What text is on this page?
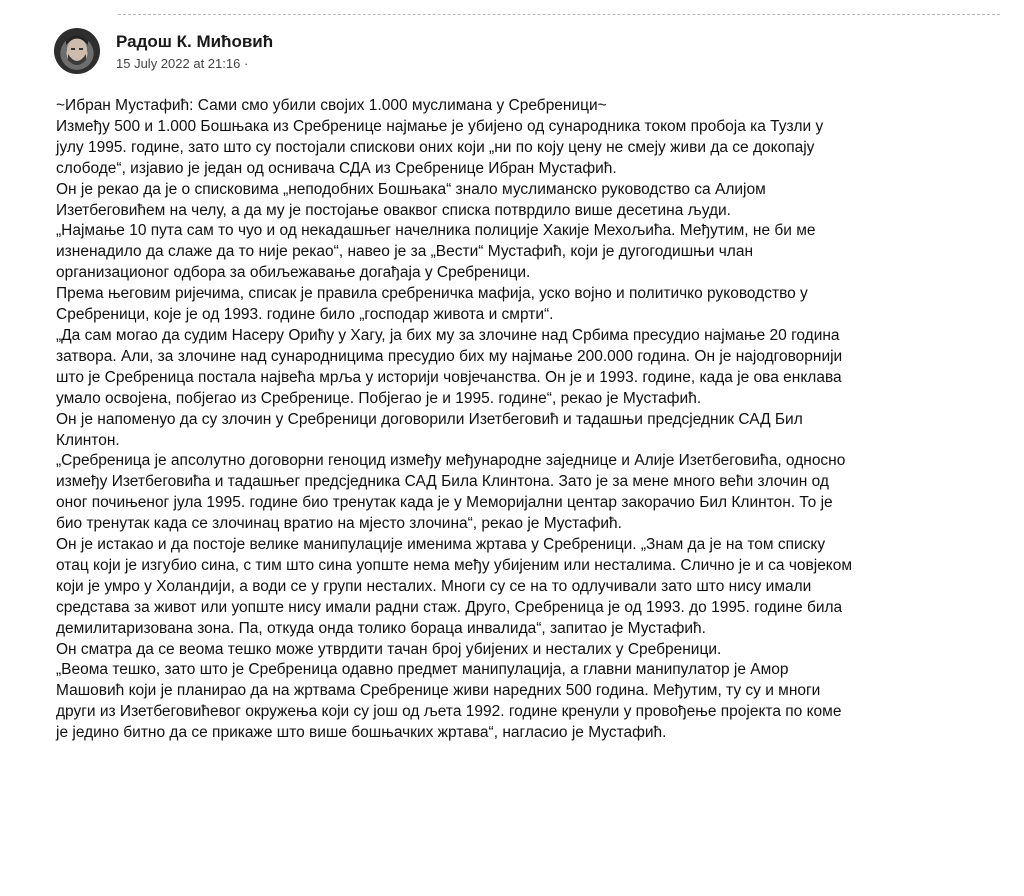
Радош К. Мићовић
15 July 2022 at 21:16 ·

~Ибран Мустафић: Сами смо убили својих 1.000 муслимана у Сребреници~

Између 500 и 1.000 Бошњака из Сребренице најмање је убијено од сународника током пробоја ка Тузли у

јулу 1995. године, зато што су постојали спискови оних који „ни по коју цену не смеју живи да се докопају

слободе“, изјавио је један од оснивача СДА из Сребренице Ибран Мустафић.

Он је рекао да је о списковима „неподобних Бошњака“ знало муслиманско руководство са Алијом

Изетбеговићем на челу, а да му је постојање оваквог списка потврдило више десетина људи.

„Најмање 10 пута сам то чуо и од некадашњег начелника полиције Хакије Мехољића. Међутим, не би ме

изненадило да слаже да то није рекао“, навео је за „Вести“ Мустафић, који је дугогодишњи члан

организационог одбора за обиљежавање догађаја у Сребреници.

Према његовим ријечима, списак је правила сребреничка мафија, уско војно и политичко руководство у

Сребреници, које је од 1993. године било „господар живота и смрти“.

„Да сам могао да судим Насеру Орићу у Хагу, ја бих му за злочине над Србима пресудио најмање 20 година

затвора. Али, за злочине над сународницима пресудио бих му најмање 200.000 година. Он је најодговорнији

што је Сребреница постала највећа мрља у историји човјечанства. Он је и 1993. године, када је ова енклава

умало освојена, побјегао из Сребренице. Побјегао је и 1995. године“, рекао је Мустафић.

Он је напоменуо да су злочин у Сребреници договорили Изетбеговић и тадашњи предсједник САД Бил

Клинтон.

„Сребреница је апсолутно договорни геноцид између међународне заједнице и Алије Изетбеговића, односно

између Изетбеговића и тадашњег предсједника САД Била Клинтона. Зато је за мене много већи злочин од

оног почињеног јула 1995. године био тренутак када је у Меморијални центар закорачио Бил Клинтон. То је

био тренутак када се злочинац вратио на мјесто злочина“, рекао је Мустафић.

Он је истакао и да постоје велике манипулације именима жртава у Сребреници. „Знам да је на том списку

отац који је изгубио сина, с тим што сина уопште нема међу убијеним или несталима. Слично је и са човјеком

који је умро у Холандији, а води се у групи несталих. Многи су се на то одлучивали зато што нису имали

средстава за живот или уопште нису имали радни стаж. Друго, Сребреница је од 1993. до 1995. године била

демилитаризована зона. Па, откуда онда толико бораца инвалида“, запитао је Мустафић.

Он сматра да се веома тешко може утврдити тачан број убијених и несталих у Сребреници.

„Веома тешко, зато што је Сребреница одавно предмет манипулација, а главни манипулатор је Амор

Машовић који је планирао да на жртвама Сребренице живи наредних 500 година. Међутим, ту су и многи

други из Изетбеговићевог окружења који су још од љета 1992. године кренули у провођење пројекта по коме

је једино битно да се прикаже што више бошњачких жртава“, нагласио је Мустафић.
